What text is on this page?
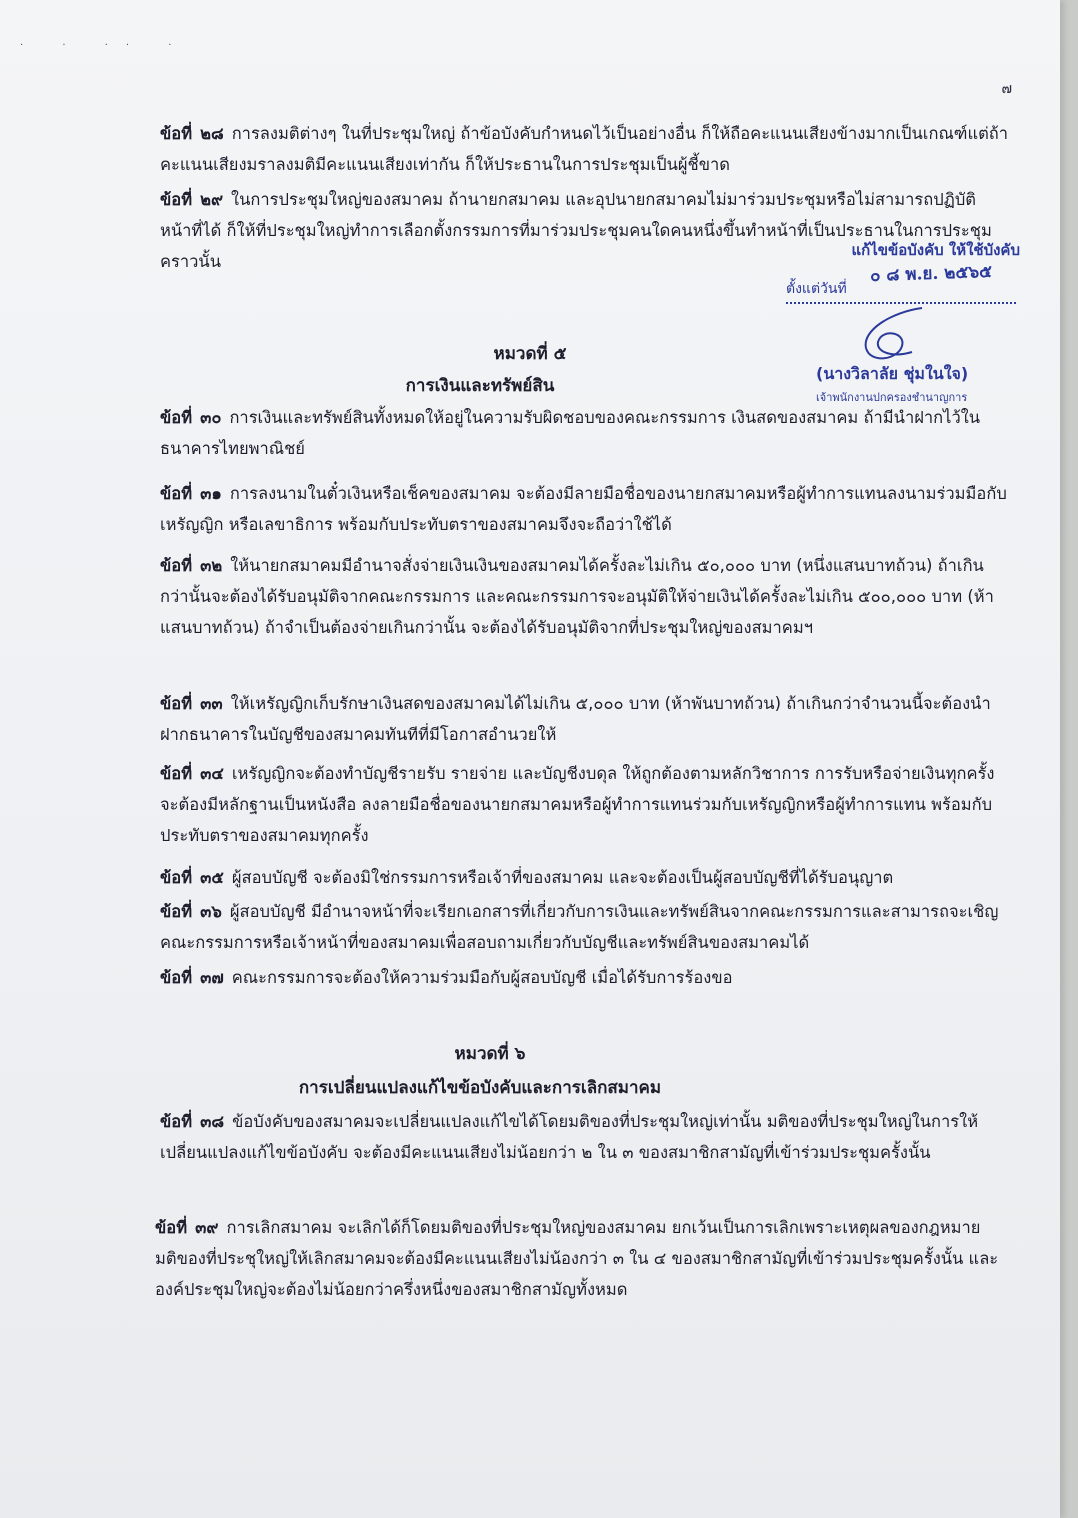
· · ·· ·
๗
ข้อที่ ๒๘ การลงมติต่างๆ ในที่ประชุมใหญ่ ถ้าข้อบังคับกำหนดไว้เป็นอย่างอื่น ก็ให้ถือคะแนนเสียงข้างมากเป็นเกณฑ์แต่ถ้าคะแนนเสียงมราลงมติมีคะแนนเสียงเท่ากัน ก็ให้ประธานในการประชุมเป็นผู้ชี้ขาด
ข้อที่ ๒๙ ในการประชุมใหญ่ของสมาคม ถ้านายกสมาคม และอุปนายกสมาคมไม่มาร่วมประชุมหรือไม่สามารถปฏิบัติหน้าที่ได้ ก็ให้ที่ประชุมใหญ่ทำการเลือกตั้งกรรมการที่มาร่วมประชุมคนใดคนหนึ่งขึ้นทำหน้าที่เป็นประธานในการประชุมคราวนั้น
แก้ไขข้อบังคับ ให้ใช้บังคับ
๐ ๘ พ.ย. ๒๕๖๕
ตั้งแต่วันที่
(นางวิลาลัย ชุ่มในใจ)
เจ้าพนักงานปกครองชำนาญการ
หมวดที่ ๕
การเงินและทรัพย์สิน
ข้อที่ ๓๐ การเงินและทรัพย์สินทั้งหมดให้อยู่ในความรับผิดชอบของคณะกรรมการ เงินสดของสมาคม ถ้ามีนำฝากไว้ในธนาคารไทยพาณิชย์
ข้อที่ ๓๑ การลงนามในตั๋วเงินหรือเช็คของสมาคม จะต้องมีลายมือชื่อของนายกสมาคมหรือผู้ทำการแทนลงนามร่วมมือกับเหรัญญิก หรือเลขาธิการ พร้อมกับประทับตราของสมาคมจึงจะถือว่าใช้ได้
ข้อที่ ๓๒ ให้นายกสมาคมมีอำนาจสั่งจ่ายเงินเงินของสมาคมได้ครั้งละไม่เกิน ๕๐,๐๐๐ บาท (หนึ่งแสนบาทถ้วน) ถ้าเกินกว่านั้นจะต้องได้รับอนุมัติจากคณะกรรมการ และคณะกรรมการจะอนุมัติให้จ่ายเงินได้ครั้งละไม่เกิน ๕๐๐,๐๐๐ บาท (ห้าแสนบาทถ้วน) ถ้าจำเป็นต้องจ่ายเกินกว่านั้น จะต้องได้รับอนุมัติจากที่ประชุมใหญ่ของสมาคมฯ
ข้อที่ ๓๓ ให้เหรัญญิกเก็บรักษาเงินสดของสมาคมได้ไม่เกิน ๕,๐๐๐ บาท (ห้าพันบาทถ้วน) ถ้าเกินกว่าจำนวนนี้จะต้องนำฝากธนาคารในบัญชีของสมาคมทันทีที่มีโอกาสอำนวยให้
ข้อที่ ๓๔ เหรัญญิกจะต้องทำบัญชีรายรับ รายจ่าย และบัญชีงบดุล ให้ถูกต้องตามหลักวิชาการ การรับหรือจ่ายเงินทุกครั้งจะต้องมีหลักฐานเป็นหนังสือ ลงลายมือชื่อของนายกสมาคมหรือผู้ทำการแทนร่วมกับเหรัญญิกหรือผู้ทำการแทน พร้อมกับประทับตราของสมาคมทุกครั้ง
ข้อที่ ๓๕ ผู้สอบบัญชี จะต้องมิใช่กรรมการหรือเจ้าที่ของสมาคม และจะต้องเป็นผู้สอบบัญชีที่ได้รับอนุญาต
ข้อที่ ๓๖ ผู้สอบบัญชี มีอำนาจหน้าที่จะเรียกเอกสารที่เกี่ยวกับการเงินและทรัพย์สินจากคณะกรรมการและสามารถจะเชิญคณะกรรมการหรือเจ้าหน้าที่ของสมาคมเพื่อสอบถามเกี่ยวกับบัญชีและทรัพย์สินของสมาคมได้
ข้อที่ ๓๗ คณะกรรมการจะต้องให้ความร่วมมือกับผู้สอบบัญชี เมื่อได้รับการร้องขอ
หมวดที่ ๖
การเปลี่ยนแปลงแก้ไขข้อบังคับและการเลิกสมาคม
ข้อที่ ๓๘ ข้อบังคับของสมาคมจะเปลี่ยนแปลงแก้ไขได้โดยมติของที่ประชุมใหญ่เท่านั้น มติของที่ประชุมใหญ่ในการให้เปลี่ยนแปลงแก้ไขข้อบังคับ จะต้องมีคะแนนเสียงไม่น้อยกว่า ๒ ใน ๓ ของสมาชิกสามัญที่เข้าร่วมประชุมครั้งนั้น
ข้อที่ ๓๙ การเลิกสมาคม จะเลิกได้ก็โดยมติของที่ประชุมใหญ่ของสมาคม ยกเว้นเป็นการเลิกเพราะเหตุผลของกฎหมาย มติของที่ประชุใหญ่ให้เลิกสมาคมจะต้องมีคะแนนเสียงไม่น้องกว่า ๓ ใน ๔ ของสมาชิกสามัญที่เข้าร่วมประชุมครั้งนั้น และองค์ประชุมใหญ่จะต้องไม่น้อยกว่าครึ่งหนึ่งของสมาชิกสามัญทั้งหมด
